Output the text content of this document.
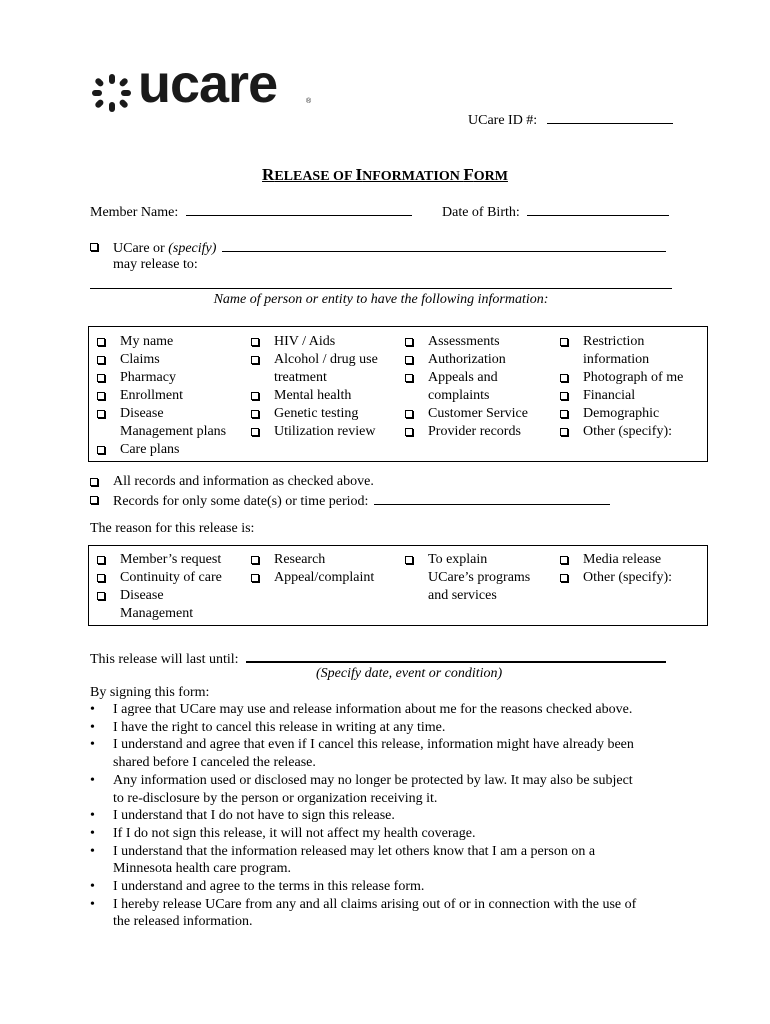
ucare	®
UCare ID #:
RELEASE OF INFORMATION FORM
Member Name:	Date of Birth:
UCare or (specify)
may release to:
Name of person or entity to have the following information:
My name
Claims
Pharmacy
Enrollment
Disease
Management plans
Care plans
HIV / Aids
Alcohol / drug use
treatment
Mental health
Genetic testing
Utilization review
Assessments
Authorization
Appeals and
complaints
Customer Service
Provider records
Restriction
information
Photograph of me
Financial
Demographic
Other (specify):
All records and information as checked above.
Records for only some date(s) or time period:
The reason for this release is:
Member’s request
Continuity of care
Disease
Management
Research
Appeal/complaint
To explain
UCare’s programs
and services
Media release
Other (specify):
This release will last until:
(Specify date, event or condition)
By signing this form:
• I agree that UCare may use and release information about me for the reasons checked above.
• I have the right to cancel this release in writing at any time.
• I understand and agree that even if I cancel this release, information might have already been
shared before I canceled the release.
• Any information used or disclosed may no longer be protected by law. It may also be subject
to re-disclosure by the person or organization receiving it.
• I understand that I do not have to sign this release.
• If I do not sign this release, it will not affect my health coverage.
• I understand that the information released may let others know that I am a person on a
Minnesota health care program.
• I understand and agree to the terms in this release form.
• I hereby release UCare from any and all claims arising out of or in connection with the use of
the released information.
